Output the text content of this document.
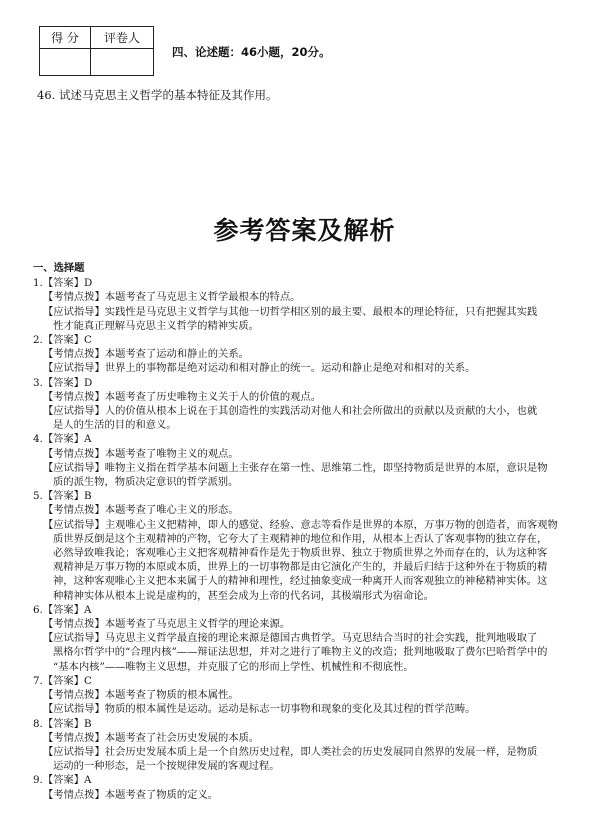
得 分	评卷人

四、论述题：46小题，20分。
46. 试述马克思主义哲学的基本特征及其作用。
参考答案及解析
一、选择题
1.【答案】D
【考情点拨】本题考查了马克思主义哲学最根本的特点。
【应试指导】实践性是马克思主义哲学与其他一切哲学相区别的最主要、最根本的理论特征，只有把握其实践
性才能真正理解马克思主义哲学的精神实质。
2.【答案】C
【考情点拨】本题考查了运动和静止的关系。
【应试指导】世界上的事物都是绝对运动和相对静止的统一。运动和静止是绝对和相对的关系。
3.【答案】D
【考情点拨】本题考查了历史唯物主义关于人的价值的观点。
【应试指导】人的价值从根本上说在于其创造性的实践活动对他人和社会所做出的贡献以及贡献的大小，也就
是人的生活的目的和意义。
4.【答案】A
【考情点拨】本题考查了唯物主义的观点。
【应试指导】唯物主义指在哲学基本问题上主张存在第一性、思维第二性，即坚持物质是世界的本原，意识是物
质的派生物，物质决定意识的哲学派别。
5.【答案】B
【考情点拨】本题考查了唯心主义的形态。
【应试指导】主观唯心主义把精神，即人的感觉、经验、意志等看作是世界的本原，万事万物的创造者，而客观物
质世界反倒是这个主观精神的产物，它夸大了主观精神的地位和作用，从根本上否认了客观事物的独立存在，
必然导致唯我论；客观唯心主义把客观精神看作是先于物质世界、独立于物质世界之外而存在的，认为这种客
观精神是万事万物的本原或本质，世界上的一切事物都是由它演化产生的，并最后归结于这种外在于物质的精
神，这种客观唯心主义把本来属于人的精神和理性，经过抽象变成一种离开人而客观独立的神秘精神实体。这
种精神实体从根本上说是虚构的，甚至会成为上帝的代名词，其极端形式为宿命论。
6.【答案】A
【考情点拨】本题考查了马克思主义哲学的理论来源。
【应试指导】马克思主义哲学最直接的理论来源是德国古典哲学。马克思结合当时的社会实践，批判地吸取了
黑格尔哲学中的“合理内核”——辩证法思想，并对之进行了唯物主义的改造；批判地吸取了费尔巴哈哲学中的
“基本内核”——唯物主义思想，并克服了它的形而上学性、机械性和不彻底性。
7.【答案】C
【考情点拨】本题考查了物质的根本属性。
【应试指导】物质的根本属性是运动。运动是标志一切事物和现象的变化及其过程的哲学范畴。
8.【答案】B
【考情点拨】本题考查了社会历史发展的本质。
【应试指导】社会历史发展本质上是一个自然历史过程，即人类社会的历史发展同自然界的发展一样，是物质
运动的一种形态，是一个按规律发展的客观过程。
9.【答案】A
【考情点拨】本题考查了物质的定义。
